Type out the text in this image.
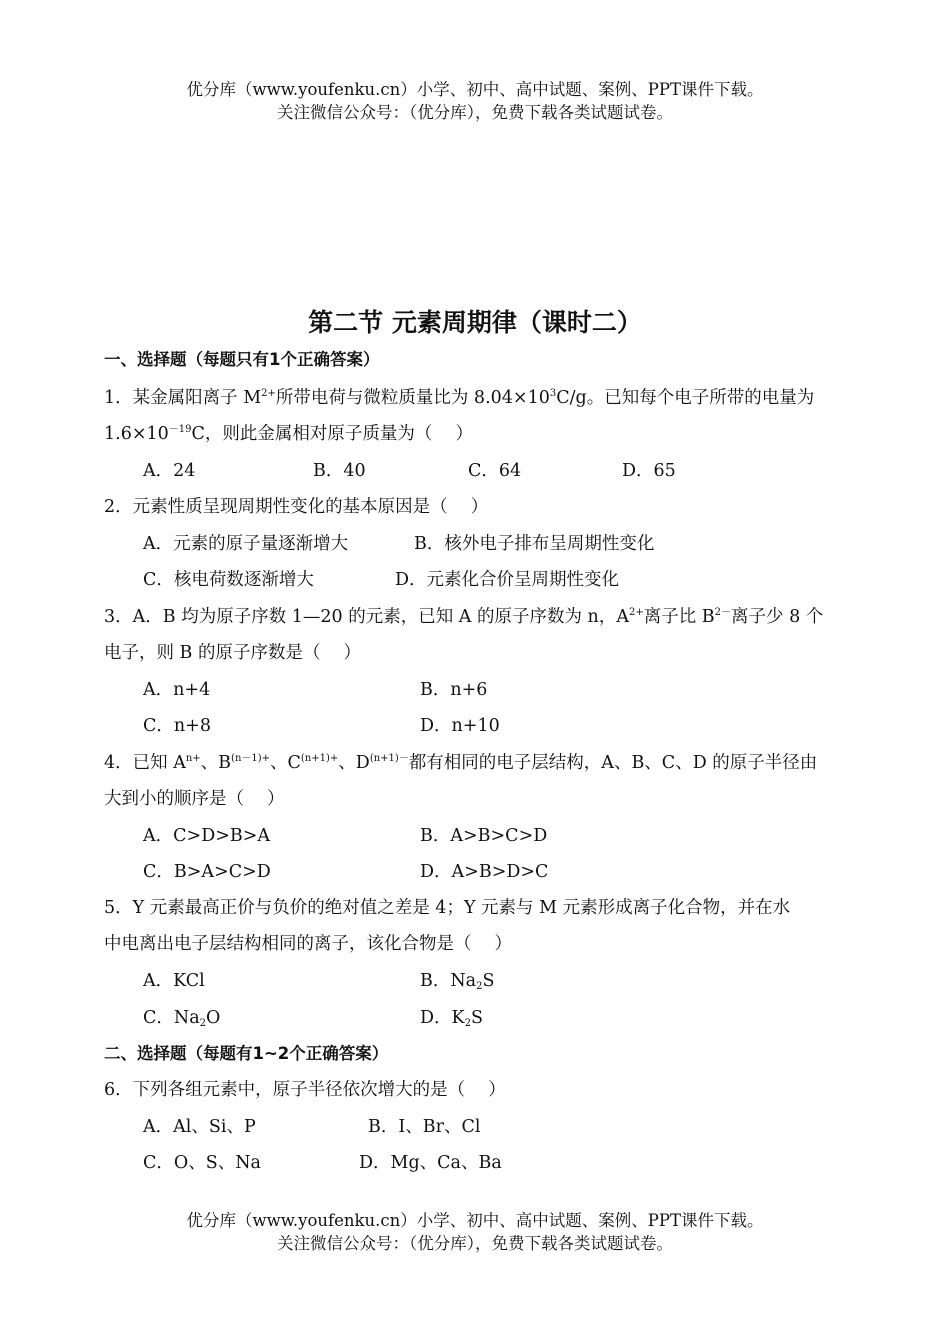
优分库（www.youfenku.cn）小学、初中、高中试题、案例、PPT课件下载。
关注微信公众号：（优分库），免费下载各类试题试卷。
第二节 元素周期律（课时二）
一、选择题（每题只有1个正确答案）
1．某金属阳离子 $M^{2+}$所带电荷与微粒质量比为 $8.04\times 10^3C/g$。已知每个电子所带的电量为
$1.6\times 10^{-19}C$，则此金属相对原子质量为（　 ）
A．24	B．40	C．64	D．65
2．元素性质呈现周期性变化的基本原因是（　 ）
A．元素的原子量逐渐增大	B．核外电子排布呈周期性变化
C．核电荷数逐渐增大	D．元素化合价呈周期性变化
3．A．B 均为原子序数 1—20 的元素，已知 A 的原子序数为 n，$A^{2+}$离子比 $B^{2-}$离子少 8 个
电子，则 B 的原子序数是（　 ）
A．n+4	B．n+6
C．n+8	D．n+10
4．已知 $A^{n+}$、$B^{(n-1)+}$、$C^{(n+1)+}$、$D^{(n+1)-}$都有相同的电子层结构，A、B、C、D 的原子半径由
大到小的顺序是（　 ）
A．C>D>B>A	B．A>B>C>D
C．B>A>C>D	D．A>B>D>C
5．Y 元素最高正价与负价的绝对值之差是 4；Y 元素与 M 元素形成离子化合物，并在水
中电离出电子层结构相同的离子，该化合物是（　 ）
A．KCl	B．$Na_2S$
C．$Na_2O$	D．$K_2S$
二、选择题（每题有1~2个正确答案）
6．下列各组元素中，原子半径依次增大的是（　 ）
A．Al、Si、P	B．I、Br、Cl
C．O、S、Na	D．Mg、Ca、Ba
优分库（www.youfenku.cn）小学、初中、高中试题、案例、PPT课件下载。
关注微信公众号：（优分库），免费下载各类试题试卷。
